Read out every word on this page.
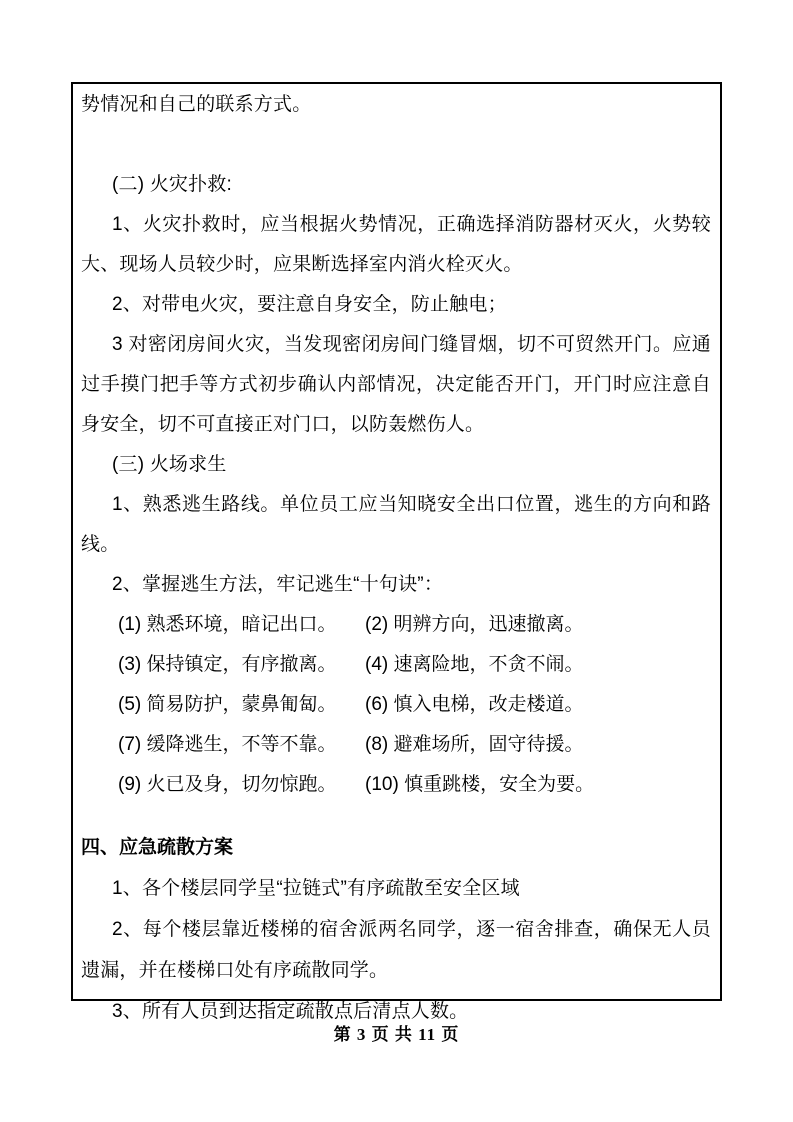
势情况和自己的联系方式。

(二) 火灾扑救:

1、火灾扑救时，应当根据火势情况，正确选择消防器材灭火，火势较大、现场人员较少时，应果断选择室内消火栓灭火。

2、对带电火灾，要注意自身安全，防止触电；

3 对密闭房间火灾，当发现密闭房间门缝冒烟，切不可贸然开门。应通过手摸门把手等方式初步确认内部情况，决定能否开门，开门时应注意自身安全，切不可直接正对门口，以防轰燃伤人。

(三) 火场求生

1、熟悉逃生路线。单位员工应当知晓安全出口位置，逃生的方向和路线。

2、掌握逃生方法，牢记逃生“十句诀”：

(1) 熟悉环境，暗记出口。	(2) 明辨方向，迅速撤离。
(3) 保持镇定，有序撤离。	(4) 速离险地，不贪不闹。
(5) 简易防护，蒙鼻匍匐。	(6) 慎入电梯，改走楼道。
(7) 缓降逃生，不等不靠。	(8) 避难场所，固守待援。
(9) 火已及身，切勿惊跑。	(10) 慎重跳楼，安全为要。

四、应急疏散方案

1、各个楼层同学呈“拉链式”有序疏散至安全区域

2、每个楼层靠近楼梯的宿舍派两名同学，逐一宿舍排查，确保无人员遗漏，并在楼梯口处有序疏散同学。

3、所有人员到达指定疏散点后清点人数。

第 3 页 共 11 页
